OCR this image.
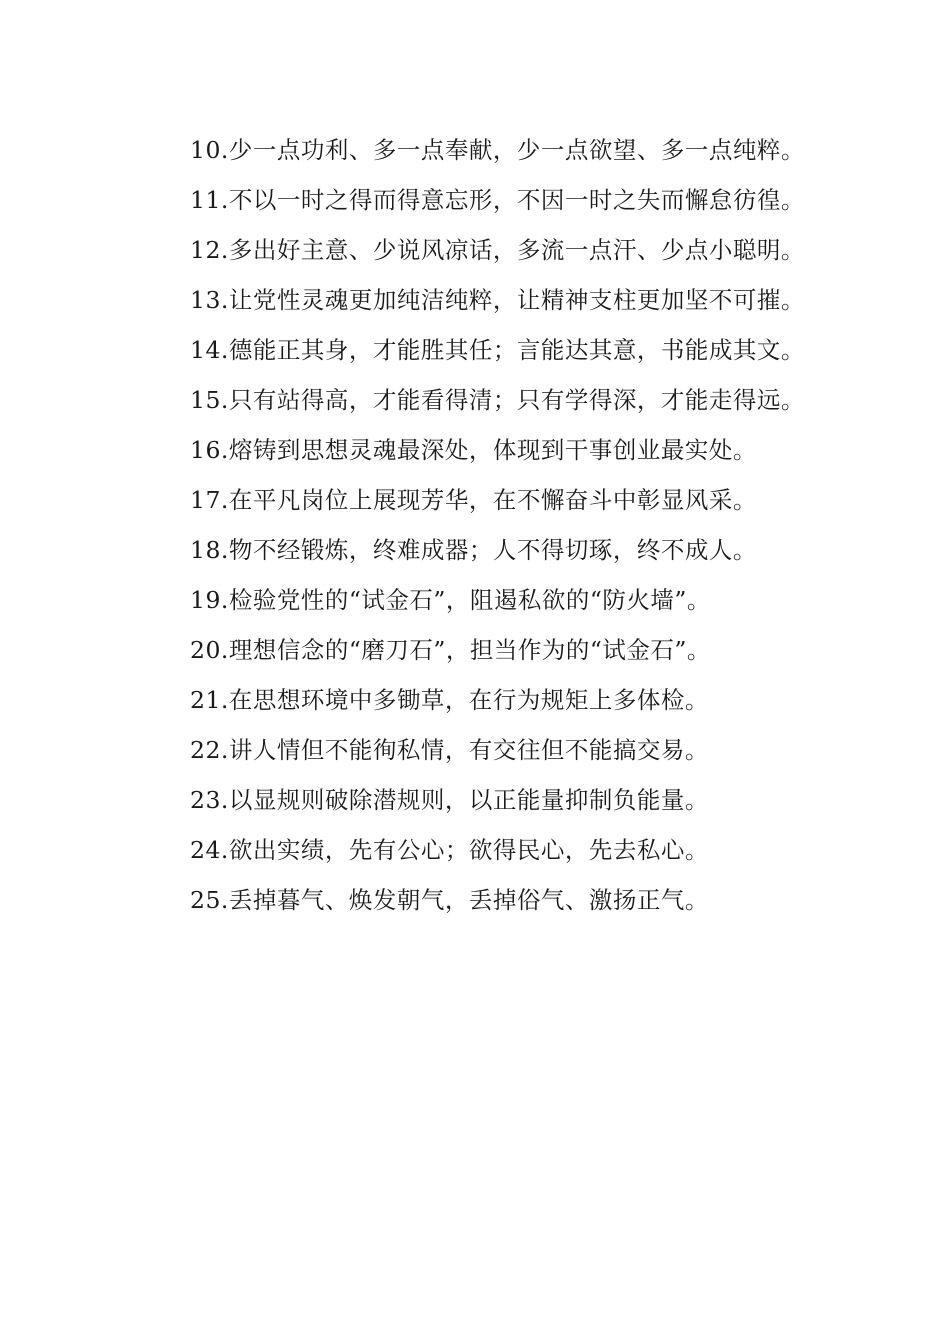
10.少一点功利、多一点奉献，少一点欲望、多一点纯粹。

11.不以一时之得而得意忘形，不因一时之失而懈怠彷徨。

12.多出好主意、少说风凉话，多流一点汗、少点小聪明。

13.让党性灵魂更加纯洁纯粹，让精神支柱更加坚不可摧。

14.德能正其身，才能胜其任；言能达其意，书能成其文。

15.只有站得高，才能看得清；只有学得深，才能走得远。

16.熔铸到思想灵魂最深处，体现到干事创业最实处。

17.在平凡岗位上展现芳华，在不懈奋斗中彰显风采。

18.物不经锻炼，终难成器；人不得切琢，终不成人。

19.检验党性的“试金石”，阻遏私欲的“防火墙”。

20.理想信念的“磨刀石”，担当作为的“试金石”。

21.在思想环境中多锄草，在行为规矩上多体检。

22.讲人情但不能徇私情，有交往但不能搞交易。

23.以显规则破除潜规则，以正能量抑制负能量。

24.欲出实绩，先有公心；欲得民心，先去私心。

25.丢掉暮气、焕发朝气，丢掉俗气、激扬正气。
